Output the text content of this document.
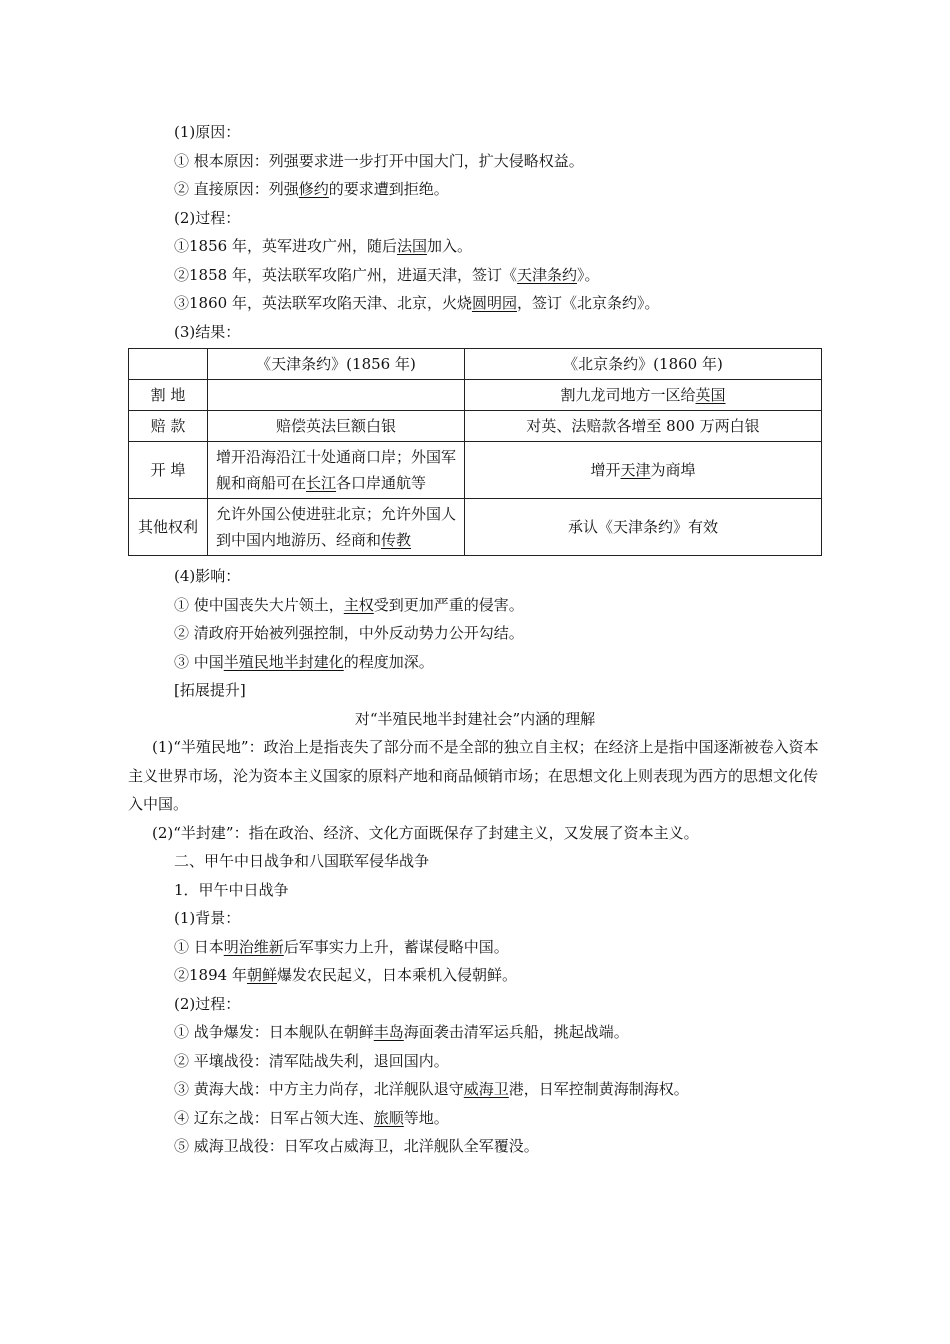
(1)原因：
① 根本原因：列强要求进一步打开中国大门，扩大侵略权益。
② 直接原因：列强修约的要求遭到拒绝。
(2)过程：
①1856 年，英军进攻广州，随后法国加入。
②1858 年，英法联军攻陷广州，进逼天津，签订《天津条约》。
③1860 年，英法联军攻陷天津、北京，火烧圆明园，签订《北京条约》。
(3)结果：
	《天津条约》(1856 年)	《北京条约》(1860 年)
割 地		割九龙司地方一区给英国
赔 款	赔偿英法巨额白银	对英、法赔款各增至 800 万两白银
开 埠	增开沿海沿江十处通商口岸；外国军舰和商船可在长江各口岸通航等	增开天津为商埠
其他权利	允许外国公使进驻北京；允许外国人到中国内地游历、经商和传教	承认《天津条约》有效
(4)影响：
① 使中国丧失大片领土，主权受到更加严重的侵害。
② 清政府开始被列强控制，中外反动势力公开勾结。
③ 中国半殖民地半封建化的程度加深。
[拓展提升]
对“半殖民地半封建社会”内涵的理解
(1)“半殖民地”：政治上是指丧失了部分而不是全部的独立自主权；在经济上是指中国逐渐被卷入资本主义世界市场，沦为资本主义国家的原料产地和商品倾销市场；在思想文化上则表现为西方的思想文化传入中国。
(2)“半封建”：指在政治、经济、文化方面既保存了封建主义，又发展了资本主义。
二、甲午中日战争和八国联军侵华战争
1．甲午中日战争
(1)背景：
① 日本明治维新后军事实力上升，蓄谋侵略中国。
②1894 年朝鲜爆发农民起义，日本乘机入侵朝鲜。
(2)过程：
① 战争爆发：日本舰队在朝鲜丰岛海面袭击清军运兵船，挑起战端。
② 平壤战役：清军陆战失利，退回国内。
③ 黄海大战：中方主力尚存，北洋舰队退守威海卫港，日军控制黄海制海权。
④ 辽东之战：日军占领大连、旅顺等地。
⑤ 威海卫战役：日军攻占威海卫，北洋舰队全军覆没。
